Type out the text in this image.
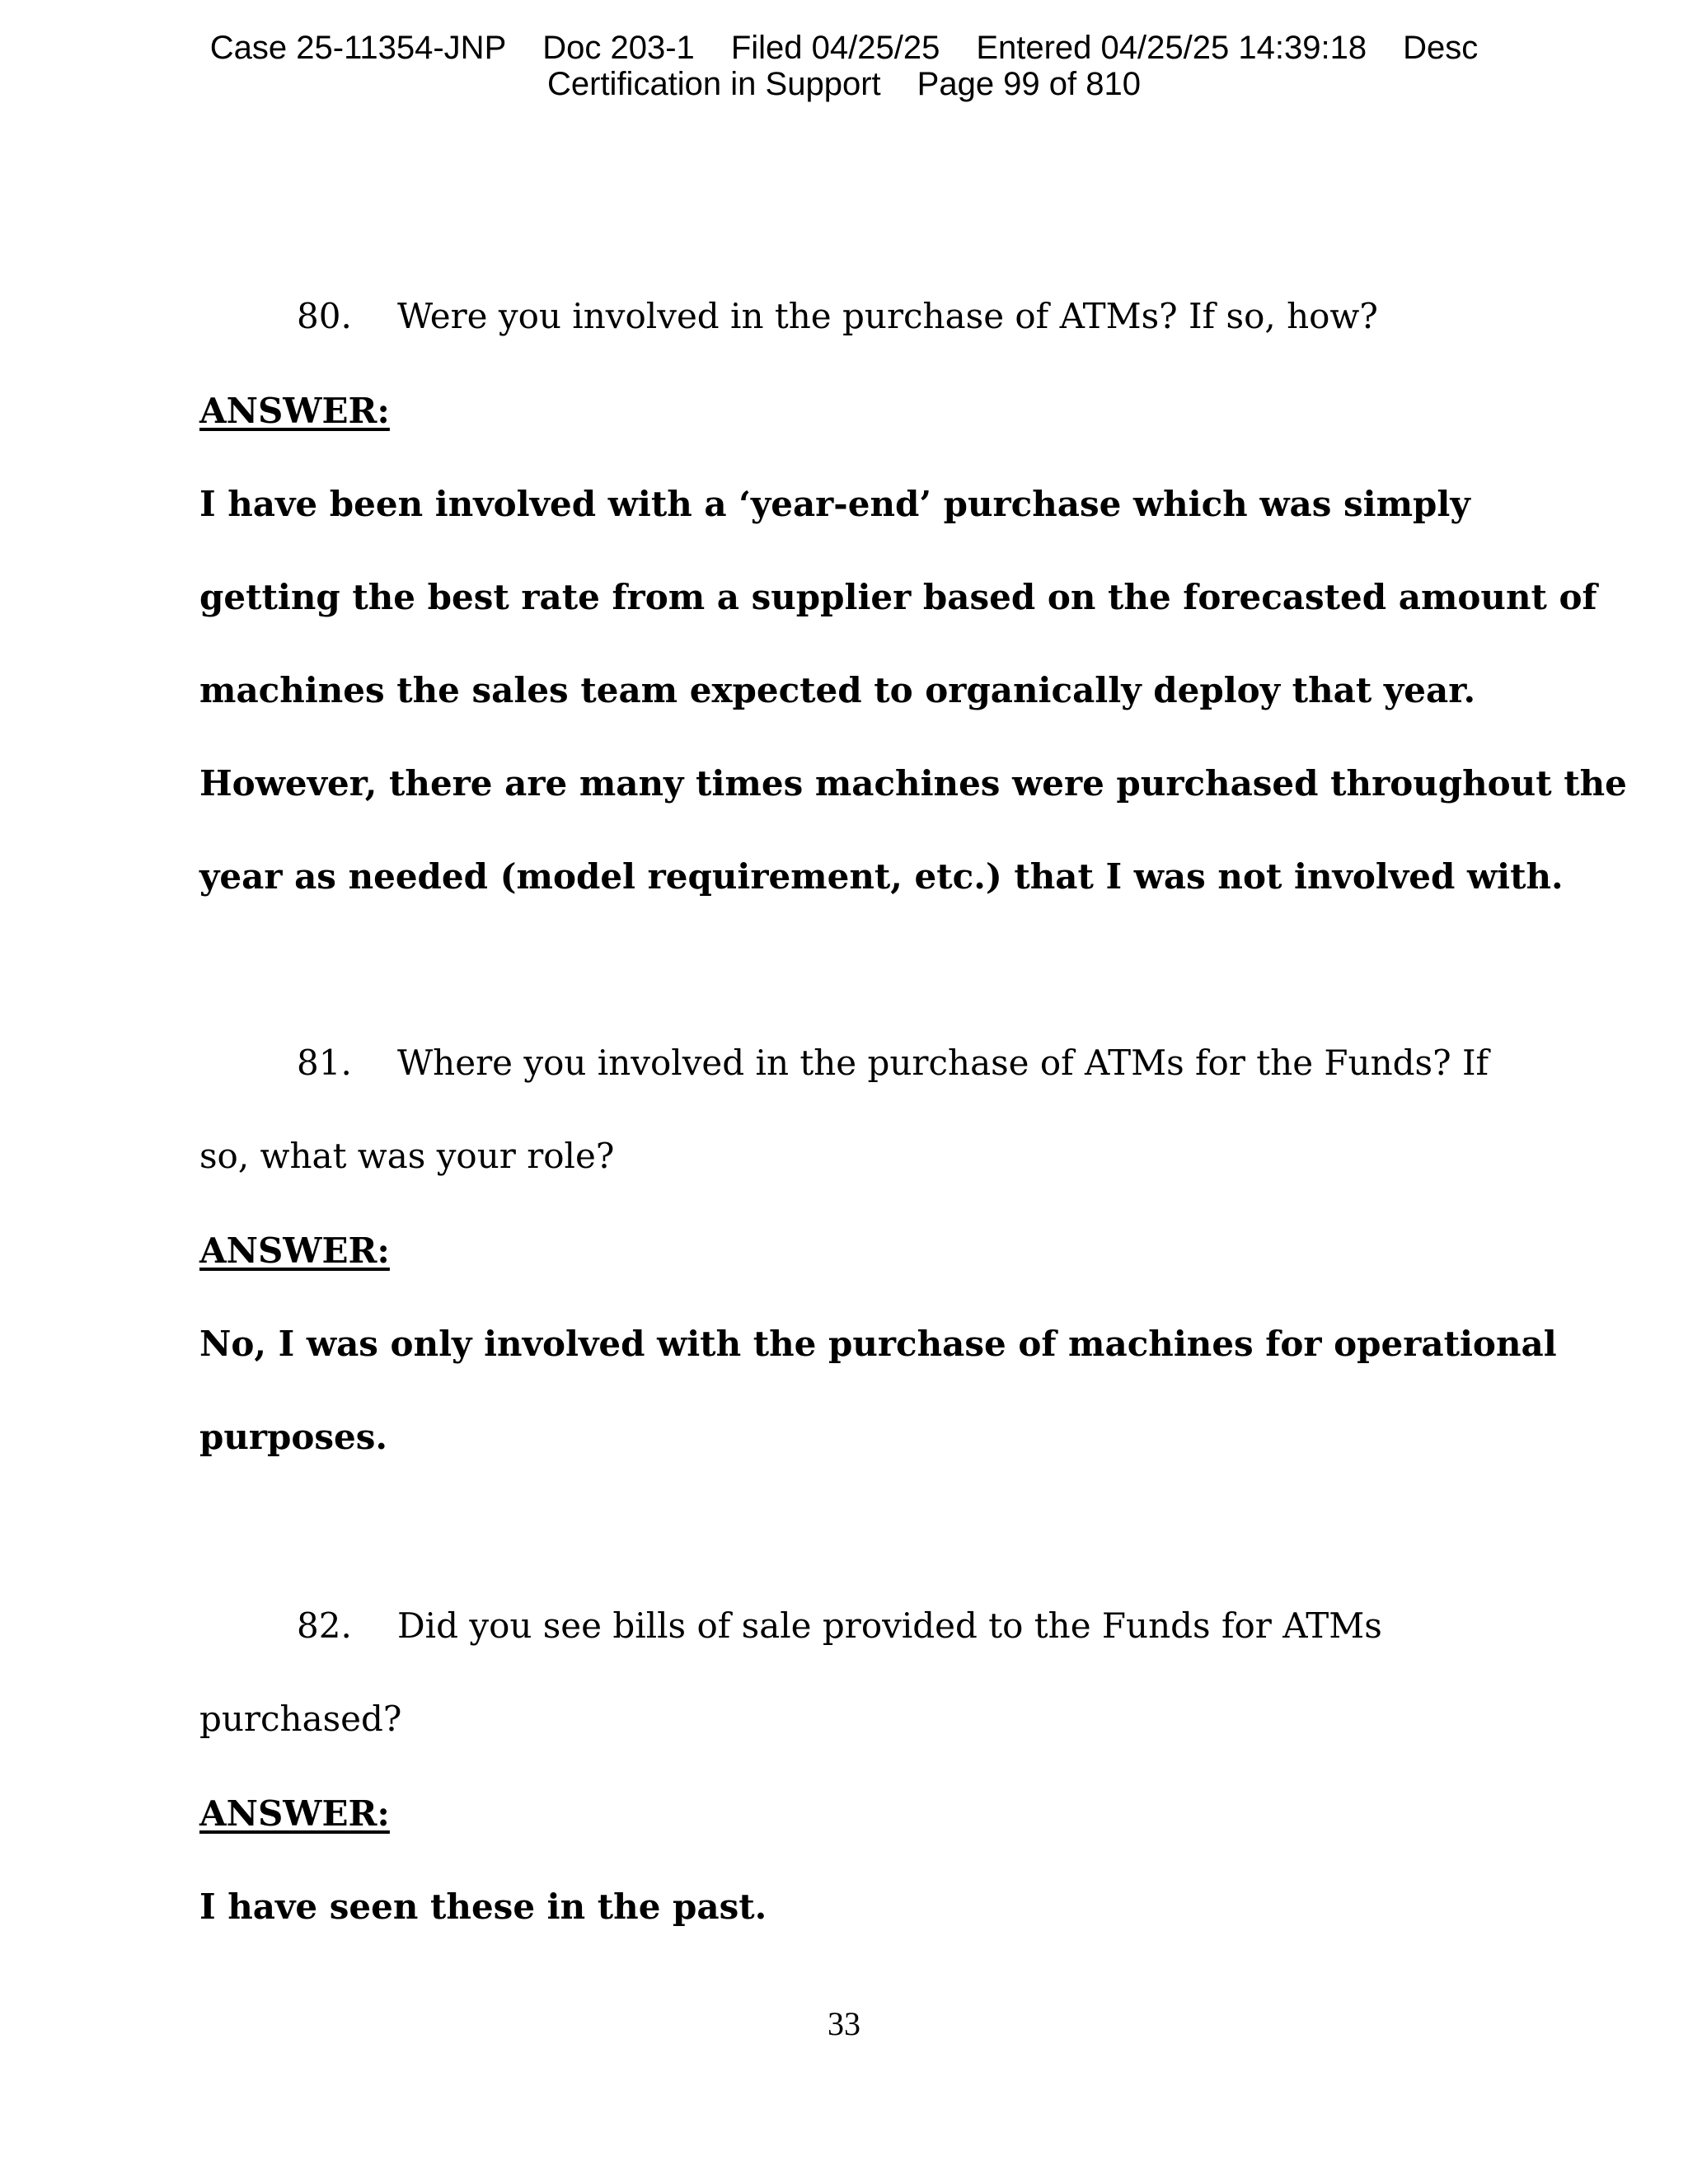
Case 25-11354-JNP Doc 203-1 Filed 04/25/25 Entered 04/25/25 14:39:18 Desc
Certification in Support Page 99 of 810
80. Were you involved in the purchase of ATMs? If so, how?
ANSWER:
I have been involved with a ‘year-end’ purchase which was simply
getting the best rate from a supplier based on the forecasted amount of
machines the sales team expected to organically deploy that year.
However, there are many times machines were purchased throughout the
year as needed (model requirement, etc.) that I was not involved with.
81. Where you involved in the purchase of ATMs for the Funds? If
so, what was your role?
ANSWER:
No, I was only involved with the purchase of machines for operational
purposes.
82. Did you see bills of sale provided to the Funds for ATMs
purchased?
ANSWER:
I have seen these in the past.
33
